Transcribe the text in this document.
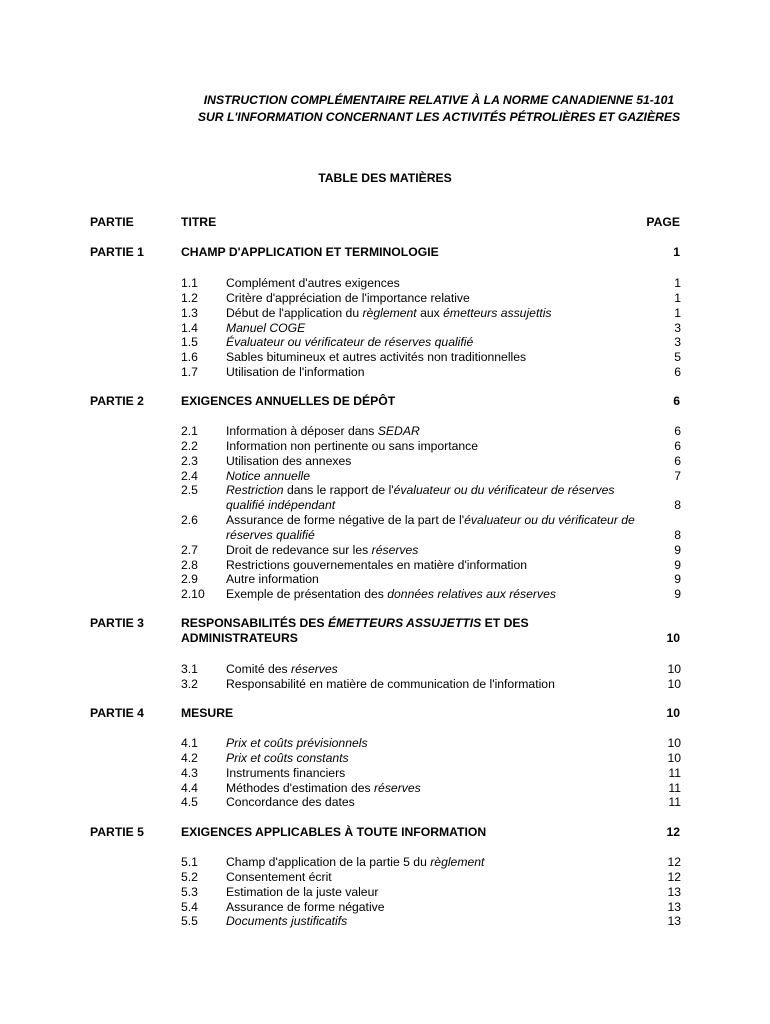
INSTRUCTION COMPLÉMENTAIRE RELATIVE À LA NORME CANADIENNE 51-101
SUR L'INFORMATION CONCERNANT LES ACTIVITÉS PÉTROLIÈRES ET GAZIÈRES
TABLE DES MATIÈRES
PARTIE	TITRE	PAGE
PARTIE 1	CHAMP D'APPLICATION ET TERMINOLOGIE	1
1.1 Complément d'autres exigences	1
1.2 Critère d'appréciation de l'importance relative	1
1.3 Début de l'application du règlement aux émetteurs assujettis	1
1.4 Manuel COGE	3
1.5 Évaluateur ou vérificateur de réserves qualifié	3
1.6 Sables bitumineux et autres activités non traditionnelles	5
1.7 Utilisation de l'information	6
PARTIE 2	EXIGENCES ANNUELLES DE DÉPÔT	6
2.1 Information à déposer dans SEDAR	6
2.2 Information non pertinente ou sans importance	6
2.3 Utilisation des annexes	6
2.4 Notice annuelle	7
2.5 Restriction dans le rapport de l'évaluateur ou du vérificateur de réserves qualifié indépendant	8
2.6 Assurance de forme négative de la part de l'évaluateur ou du vérificateur de réserves qualifié	8
2.7 Droit de redevance sur les réserves	9
2.8 Restrictions gouvernementales en matière d'information	9
2.9 Autre information	9
2.10 Exemple de présentation des données relatives aux réserves	9
PARTIE 3	RESPONSABILITÉS DES ÉMETTEURS ASSUJETTIS ET DES ADMINISTRATEURS	10
3.1 Comité des réserves	10
3.2 Responsabilité en matière de communication de l'information	10
PARTIE 4	MESURE	10
4.1 Prix et coûts prévisionnels	10
4.2 Prix et coûts constants	10
4.3 Instruments financiers	11
4.4 Méthodes d'estimation des réserves	11
4.5 Concordance des dates	11
PARTIE 5	EXIGENCES APPLICABLES À TOUTE INFORMATION	12
5.1 Champ d'application de la partie 5 du règlement	12
5.2 Consentement écrit	12
5.3 Estimation de la juste valeur	13
5.4 Assurance de forme négative	13
5.5 Documents justificatifs	13
